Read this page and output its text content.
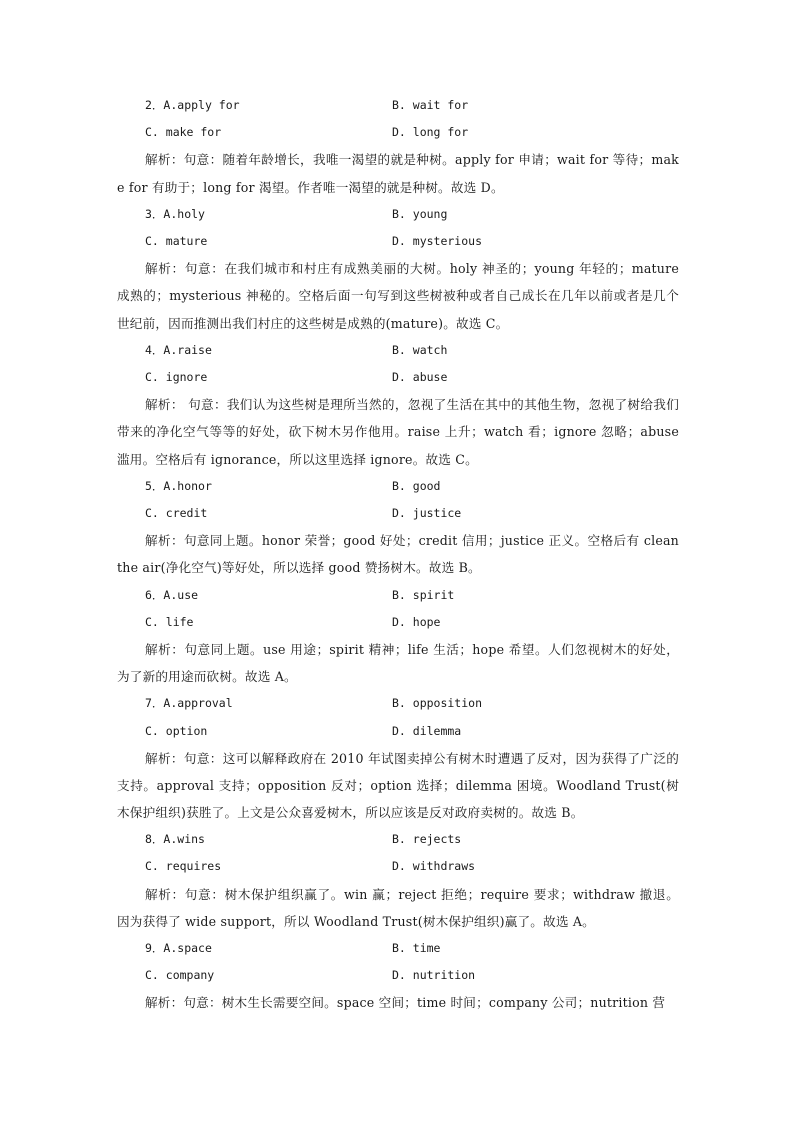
2．A.apply for	B. wait for
C. make for	D. long for
解析：句意：随着年龄增长，我唯一渴望的就是种树。apply for 申请；wait for 等待；make for 有助于；long for 渴望。作者唯一渴望的就是种树。故选 D。
3．A.holy	B. young
C. mature	D. mysterious
解析：句意：在我们城市和村庄有成熟美丽的大树。holy 神圣的；young 年轻的；mature 成熟的；mysterious 神秘的。空格后面一句写到这些树被种或者自己成长在几年以前或者是几个世纪前，因而推测出我们村庄的这些树是成熟的(mature)。故选 C。
4．A.raise	B. watch
C. ignore	D. abuse
解析： 句意：我们认为这些树是理所当然的，忽视了生活在其中的其他生物，忽视了树给我们带来的净化空气等等的好处，砍下树木另作他用。raise 上升；watch 看；ignore 忽略；abuse 滥用。空格后有 ignorance，所以这里选择 ignore。故选 C。
5．A.honor	B. good
C. credit	D. justice
解析：句意同上题。honor 荣誉；good 好处；credit 信用；justice 正义。空格后有 clean the air(净化空气)等好处，所以选择 good 赞扬树木。故选 B。
6．A.use	B. spirit
C. life	D. hope
解析：句意同上题。use 用途；spirit 精神；life 生活；hope 希望。人们忽视树木的好处，为了新的用途而砍树。故选 A。
7．A.approval	B. opposition
C. option	D. dilemma
解析：句意：这可以解释政府在 2010 年试图卖掉公有树木时遭遇了反对，因为获得了广泛的支持。approval 支持；opposition 反对；option 选择；dilemma 困境。Woodland Trust(树木保护组织)获胜了。上文是公众喜爱树木，所以应该是反对政府卖树的。故选 B。
8．A.wins	B. rejects
C. requires	D. withdraws
解析：句意：树木保护组织赢了。win 赢；reject 拒绝；require 要求；withdraw 撤退。因为获得了 wide support，所以 Woodland Trust(树木保护组织)赢了。故选 A。
9．A.space	B. time
C. company	D. nutrition
解析：句意：树木生长需要空间。space 空间；time 时间；company 公司；nutrition 营
